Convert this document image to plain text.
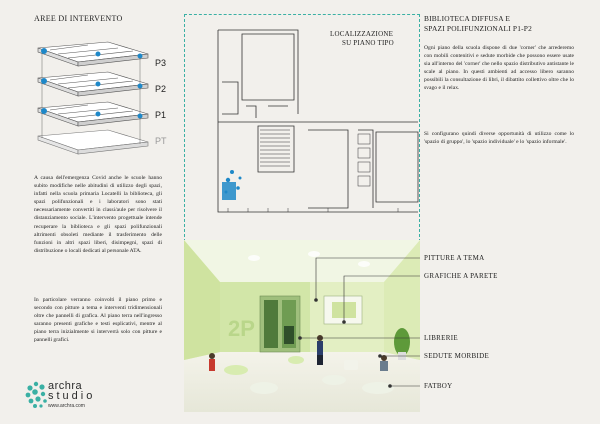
AREE DI INTERVENTO
P3
P2
P1
PT

A causa dell'emergenza Covid anche le scuole hanno subito modifiche nelle abitudini di utilizzo degli spazi, infatti nella scuola primaria Locatelli la biblioteca, gli spazi polifunzionali e i laboratori sono stati necessariamente convertiti in classi/aule per risolvere il distanziamento sociale. L'intervento progettuale intende recuperare la biblioteca e gli spazi polifunzionali altrimenti obsoleti mediante il trasferimento delle funzioni in altri spazi liberi, disimpegni, spazi di distribuzione o locali dedicati al personale ATA.

In particolare verranno coinvolti il piano primo e secondo con pitture a tema e interventi tridimensionali oltre che pannelli di grafica. Al piano terra nell'ingresso saranno presenti grafiche e testi esplicativi, mentre al piano terra inizialmente si interverrà solo con pitture e pannelli grafici.

archra
studio
www.archra.com
LOCALIZZAZIONE
SU PIANO TIPO
2P
BIBLIOTECA DIFFUSA E
SPAZI POLIFUNZIONALI P1-P2

Ogni piano della scuola dispone di due 'corner' che arrederemo con mobili contenitivi e sedute morbide che possono essere usate sia all'interno del 'corner' che nello spazio distributivo antistante le scale al piano. In questi ambienti ad accesso libero saranno possibili la consultazione di libri, il dibattito collettivo oltre che lo svago e il relax.

Si configurano quindi diverse opportunità di utilizzo come lo 'spazio di gruppo', lo 'spazio individuale' e lo 'spazio informale'.

PITTURE A TEMA
GRAFICHE A PARETE
LIBRERIE
SEDUTE MORBIDE
FATBOY
